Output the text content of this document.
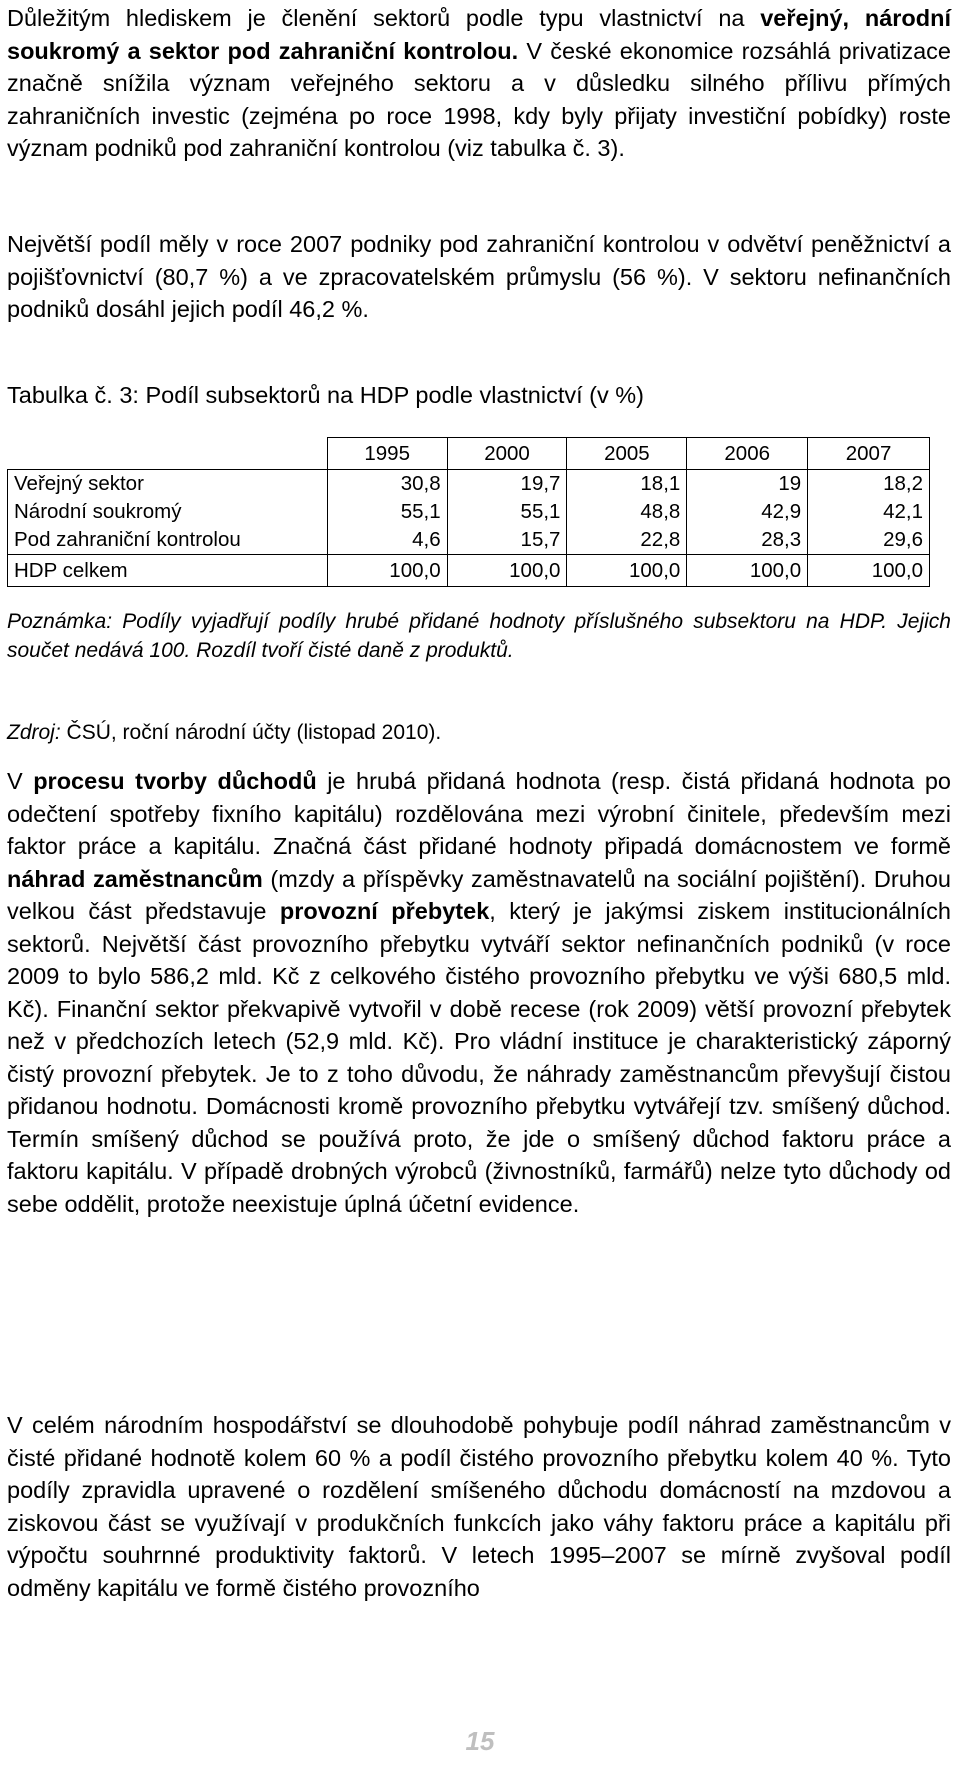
Důležitým hlediskem je členění sektorů podle typu vlastnictví na veřejný, národní soukromý a sektor pod zahraniční kontrolou. V české ekonomice rozsáhlá privatizace značně snížila význam veřejného sektoru a v důsledku silného přílivu přímých zahraničních investic (zejména po roce 1998, kdy byly přijaty investiční pobídky) roste význam podniků pod zahraniční kontrolou (viz tabulka č. 3).

Největší podíl měly v roce 2007 podniky pod zahraniční kontrolou v odvětví peněžnictví a pojišťovnictví (80,7 %) a ve zpracovatelském průmyslu (56 %). V sektoru nefinančních podniků dosáhl jejich podíl 46,2 %.

Tabulka č. 3: Podíl subsektorů na HDP podle vlastnictví (v %)

	1995	2000	2005	2006	2007
Veřejný sektor	30,8	19,7	18,1	19	18,2
Národní soukromý	55,1	55,1	48,8	42,9	42,1
Pod zahraniční kontrolou	4,6	15,7	22,8	28,3	29,6
HDP celkem	100,0	100,0	100,0	100,0	100,0

Poznámka: Podíly vyjadřují podíly hrubé přidané hodnoty příslušného subsektoru na HDP. Jejich součet nedává 100. Rozdíl tvoří čisté daně z produktů.

Zdroj: ČSÚ, roční národní účty (listopad 2010).

V procesu tvorby důchodů je hrubá přidaná hodnota (resp. čistá přidaná hodnota po odečtení spotřeby fixního kapitálu) rozdělována mezi výrobní činitele, především mezi faktor práce a kapitálu. Značná část přidané hodnoty připadá domácnostem ve formě náhrad zaměstnancům (mzdy a příspěvky zaměstnavatelů na sociální pojištění). Druhou velkou část představuje provozní přebytek, který je jakýmsi ziskem institucionálních sektorů. Největší část provozního přebytku vytváří sektor nefinančních podniků (v roce 2009 to bylo 586,2 mld. Kč z celkového čistého provozního přebytku ve výši 680,5 mld. Kč). Finanční sektor překvapivě vytvořil v době recese (rok 2009) větší provozní přebytek než v předchozích letech (52,9 mld. Kč). Pro vládní instituce je charakteristický záporný čistý provozní přebytek. Je to z toho důvodu, že náhrady zaměstnancům převyšují čistou přidanou hodnotu. Domácnosti kromě provozního přebytku vytvářejí tzv. smíšený důchod. Termín smíšený důchod se používá proto, že jde o smíšený důchod faktoru práce a faktoru kapitálu. V případě drobných výrobců (živnostníků, farmářů) nelze tyto důchody od sebe oddělit, protože neexistuje úplná účetní evidence.

V celém národním hospodářství se dlouhodobě pohybuje podíl náhrad zaměstnancům v čisté přidané hodnotě kolem 60 % a podíl čistého provozního přebytku kolem 40 %. Tyto podíly zpravidla upravené o rozdělení smíšeného důchodu domácností na mzdovou a ziskovou část se využívají v produkčních funkcích jako váhy faktoru práce a kapitálu při výpočtu souhrnné produktivity faktorů. V letech 1995–2007 se mírně zvyšoval podíl odměny kapitálu ve formě čistého provozního

15
